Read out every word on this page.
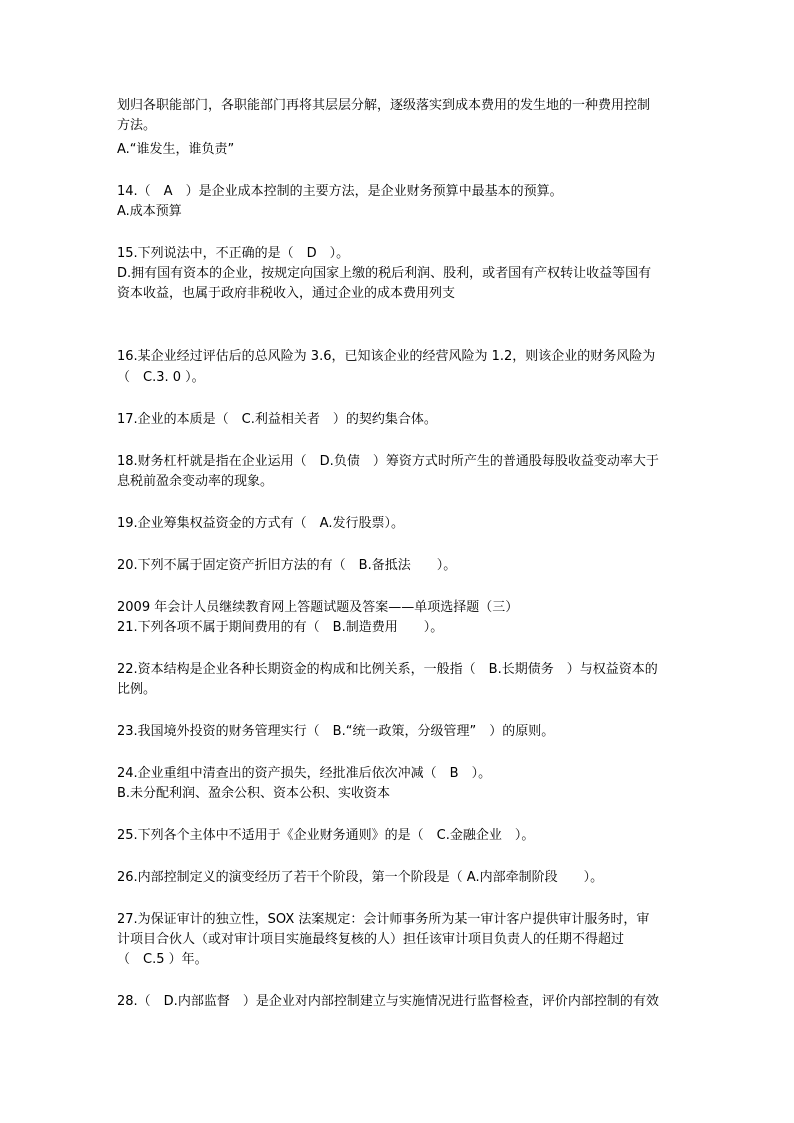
划归各职能部门，各职能部门再将其层层分解，逐级落实到成本费用的发生地的一种费用控制
方法。
A.“谁发生，谁负责”
14.（　A　）是企业成本控制的主要方法，是企业财务预算中最基本的预算。
A.成本预算
15.下列说法中，不正确的是（　D　）。
D.拥有国有资本的企业，按规定向国家上缴的税后利润、股利，或者国有产权转让收益等国有
资本收益，也属于政府非税收入，通过企业的成本费用列支
16.某企业经过评估后的总风险为 3.6，已知该企业的经营风险为 1.2，则该企业的财务风险为
（　C.3. 0 ）。
17.企业的本质是（　C.利益相关者　）的契约集合体。
18.财务杠杆就是指在企业运用（　D.负债　）筹资方式时所产生的普通股每股收益变动率大于
息税前盈余变动率的现象。
19.企业筹集权益资金的方式有（　A.发行股票）。
20.下列不属于固定资产折旧方法的有（　B.备抵法　　）。
2009 年会计人员继续教育网上答题试题及答案——单项选择题（三）
21.下列各项不属于期间费用的有（　B.制造费用　　）。
22.资本结构是企业各种长期资金的构成和比例关系，一般指（　B.长期债务　）与权益资本的
比例。
23.我国境外投资的财务管理实行（　B.“统一政策，分级管理”　）的原则。
24.企业重组中清查出的资产损失，经批准后依次冲减（　B　）。
B.未分配利润、盈余公积、资本公积、实收资本
25.下列各个主体中不适用于《企业财务通则》的是（　C.金融企业　）。
26.内部控制定义的演变经历了若干个阶段，第一个阶段是（ A.内部牵制阶段　　）。
27.为保证审计的独立性，SOX 法案规定：会计师事务所为某一审计客户提供审计服务时，审
计项目合伙人（或对审计项目实施最终复核的人）担任该审计项目负责人的任期不得超过
（　C.5 ）年。
28.（　D.内部监督　）是企业对内部控制建立与实施情况进行监督检查，评价内部控制的有效
